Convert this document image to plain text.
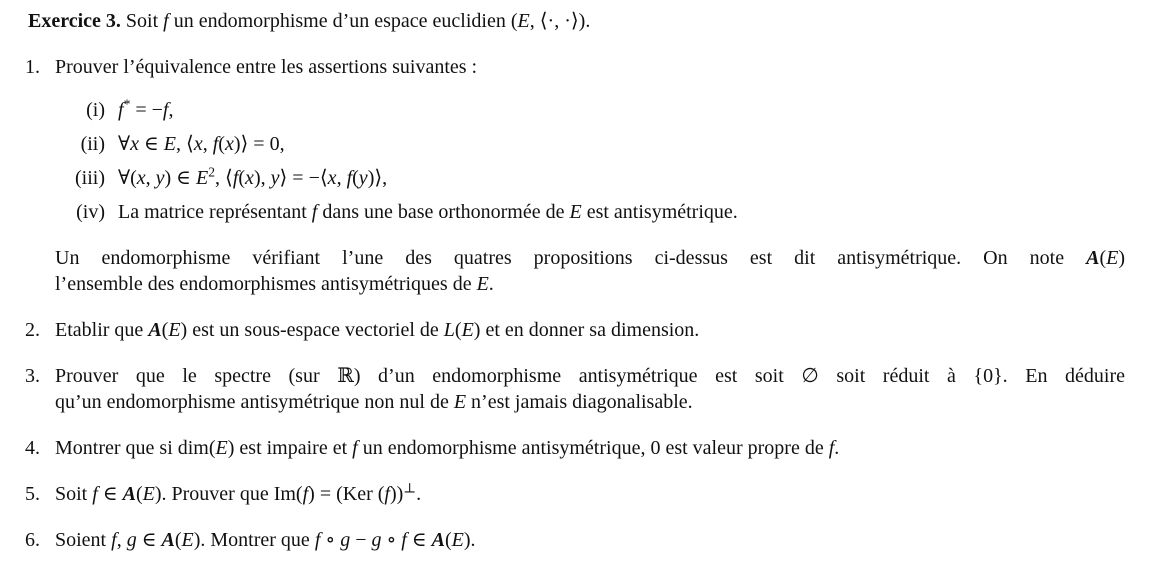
Exercice 3. Soit f un endomorphisme d’un espace euclidien (E, ⟨·, ·⟩).

1. Prouver l’équivalence entre les assertions suivantes :

(i) f* = −f,

(ii) ∀x ∈ E, ⟨x, f(x)⟩ = 0,

(iii) ∀(x, y) ∈ $E^2$, ⟨f(x), y⟩ = −⟨x, f(y)⟩,

(iv) La matrice représentant f dans une base orthonormée de E est antisymétrique.

Un endomorphisme vérifiant l’une des quatres propositions ci-dessus est dit antisymétrique. On note A(E)

l’ensemble des endomorphismes antisymétriques de E.

2. Etablir que A(E) est un sous-espace vectoriel de L(E) et en donner sa dimension.

3. Prouver que le spectre (sur ℝ) d’un endomorphisme antisymétrique est soit ∅ soit réduit à {0}. En déduire

qu’un endomorphisme antisymétrique non nul de E n’est jamais diagonalisable.

4. Montrer que si dim(E) est impaire et f un endomorphisme antisymétrique, 0 est valeur propre de f.

5. Soit f ∈ A(E). Prouver que Im(f) = (Ker (f))⊥.

6. Soient f, g ∈ A(E). Montrer que f ∘ g − g ∘ f ∈ A(E).
